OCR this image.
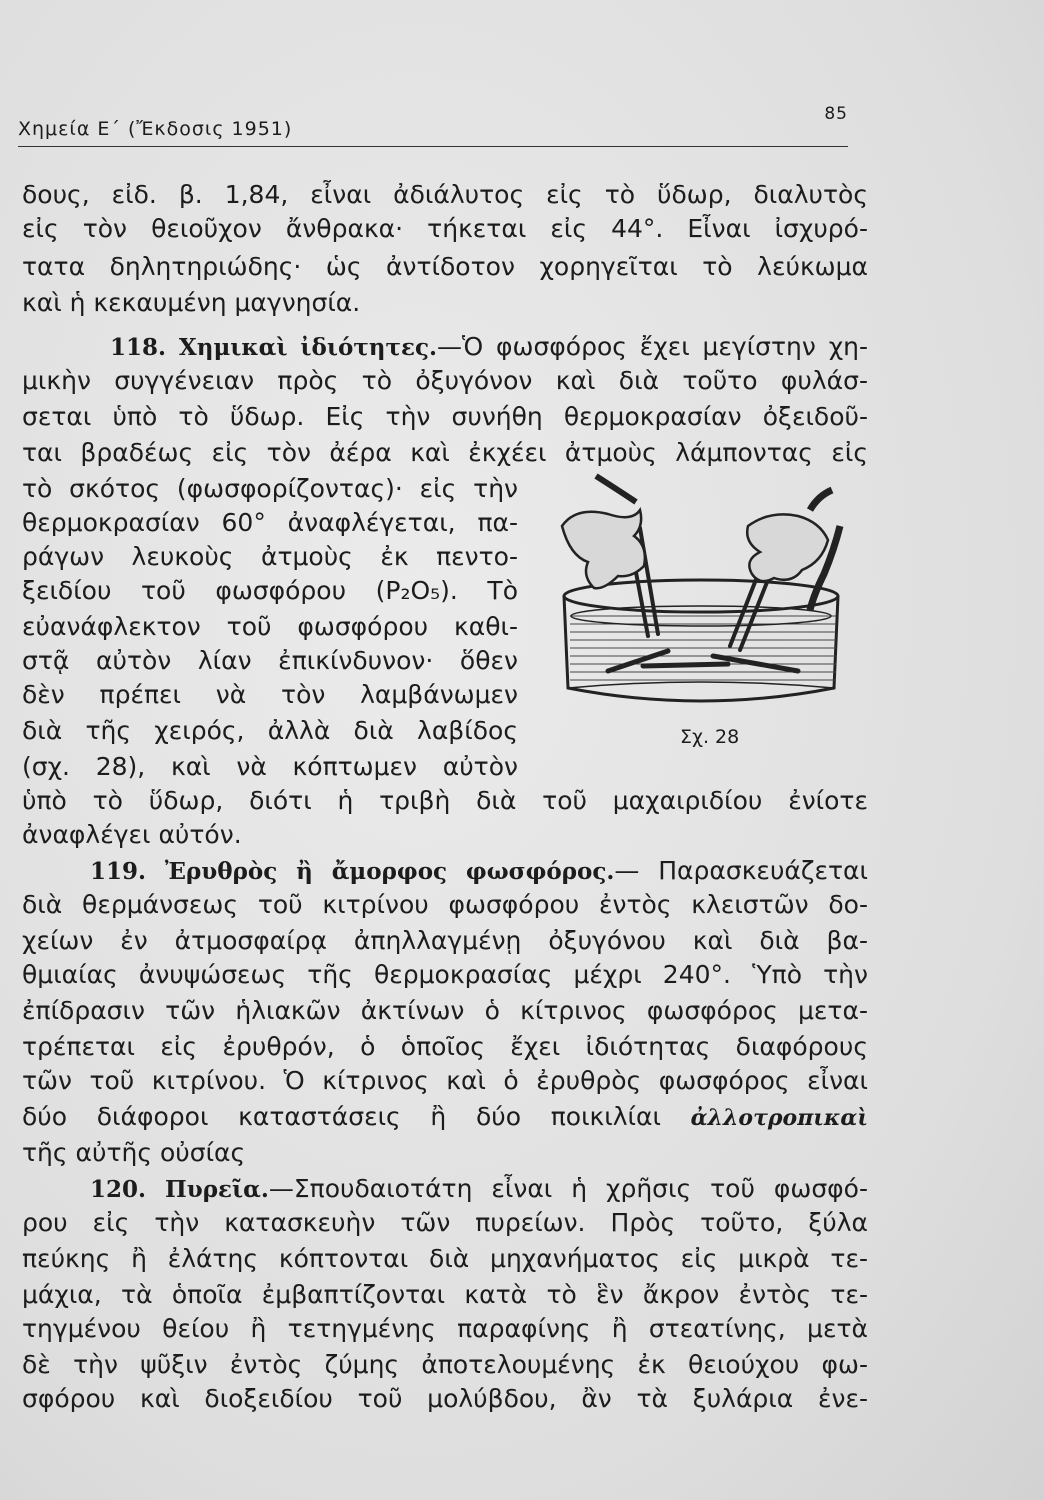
Χημεία Ε΄ (Ἔκδοσις 1951)
85
δους, εἰδ. β. 1,84, εἶναι ἀδιάλυτος εἰς τὸ ὕδωρ, διαλυτὸς
εἰς τὸν θειοῦχον ἄνθρακα· τήκεται εἰς 44°. Εἶναι ἰσχυρό-
τατα δηλητηριώδης· ὡς ἀντίδοτον χορηγεῖται τὸ λεύκωμα
καὶ ἡ κεκαυμένη μαγνησία.
118. Χημικαὶ ἰδιότητες.—Ὁ φωσφόρος ἔχει μεγίστην χη-
μικὴν συγγένειαν πρὸς τὸ ὀξυγόνον καὶ διὰ τοῦτο φυλάσ-
σεται ὑπὸ τὸ ὕδωρ. Εἰς τὴν συνήθη θερμοκρασίαν ὀξειδοῦ-
ται βραδέως εἰς τὸν ἀέρα καὶ ἐκχέει ἀτμοὺς λάμποντας εἰς
τὸ σκότος (φωσφορίζοντας)· εἰς τὴν
θερμοκρασίαν 60° ἀναφλέγεται, πα-
ράγων λευκοὺς ἀτμοὺς ἐκ πεντο-
ξειδίου τοῦ φωσφόρου (P₂O₅). Τὸ
εὐανάφλεκτον τοῦ φωσφόρου καθι-
στᾷ αὐτὸν λίαν ἐπικίνδυνον· ὅθεν
δὲν πρέπει νὰ τὸν λαμβάνωμεν
διὰ τῆς χειρός, ἀλλὰ διὰ λαβίδος
(σχ. 28), καὶ νὰ κόπτωμεν αὐτὸν
ὑπὸ τὸ ὕδωρ, διότι ἡ τριβὴ διὰ τοῦ μαχαιριδίου ἐνίοτε
ἀναφλέγει αὐτόν.
119. Ἐρυθρὸς ἢ ἄμορφος φωσφόρος.— Παρασκευάζεται
διὰ θερμάνσεως τοῦ κιτρίνου φωσφόρου ἐντὸς κλειστῶν δο-
χείων ἐν ἀτμοσφαίρᾳ ἀπηλλαγμένῃ ὀξυγόνου καὶ διὰ βα-
θμιαίας ἀνυψώσεως τῆς θερμοκρασίας μέχρι 240°. Ὑπὸ τὴν
ἐπίδρασιν τῶν ἡλιακῶν ἀκτίνων ὁ κίτρινος φωσφόρος μετα-
τρέπεται εἰς ἐρυθρόν, ὁ ὁποῖος ἔχει ἰδιότητας διαφόρους
τῶν τοῦ κιτρίνου. Ὁ κίτρινος καὶ ὁ ἐρυθρὸς φωσφόρος εἶναι
δύο διάφοροι καταστάσεις ἢ δύο ποικιλίαι ἀλλοτροπικαὶ
τῆς αὐτῆς οὐσίας
120. Πυρεῖα.—Σπουδαιοτάτη εἶναι ἡ χρῆσις τοῦ φωσφό-
ρου εἰς τὴν κατασκευὴν τῶν πυρείων. Πρὸς τοῦτο, ξύλα
πεύκης ἢ ἐλάτης κόπτονται διὰ μηχανήματος εἰς μικρὰ τε-
μάχια, τὰ ὁποῖα ἐμβαπτίζονται κατὰ τὸ ἓν ἄκρον ἐντὸς τε-
τηγμένου θείου ἢ τετηγμένης παραφίνης ἢ στεατίνης, μετὰ
δὲ τὴν ψῦξιν ἐντὸς ζύμης ἀποτελουμένης ἐκ θειούχου φω-
σφόρου καὶ διοξειδίου τοῦ μολύβδου, ἂν τὰ ξυλάρια ἐνε-
Σχ. 28
